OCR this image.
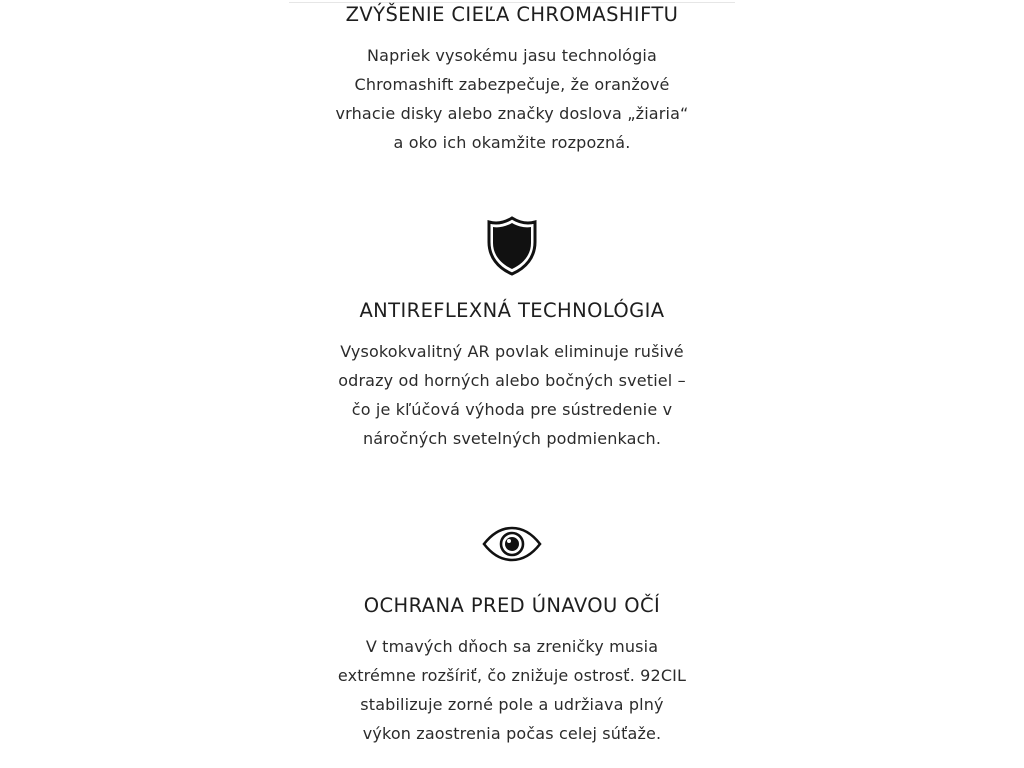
ZVÝŠENIE CIEĽA CHROMASHIFTU

Napriek vysokému jasu technológia
Chromashift zabezpečuje, že oranžové
vrhacie disky alebo značky doslova „žiaria“
a oko ich okamžite rozpozná.

ANTIREFLEXNÁ TECHNOLÓGIA

Vysokokvalitný AR povlak eliminuje rušivé
odrazy od horných alebo bočných svetiel –
čo je kľúčová výhoda pre sústredenie v
náročných svetelných podmienkach.

OCHRANA PRED ÚNAVOU OČÍ

V tmavých dňoch sa zreničky musia
extrémne rozšíriť, čo znižuje ostrosť. 92CIL
stabilizuje zorné pole a udržiava plný
výkon zaostrenia počas celej súťaže.
